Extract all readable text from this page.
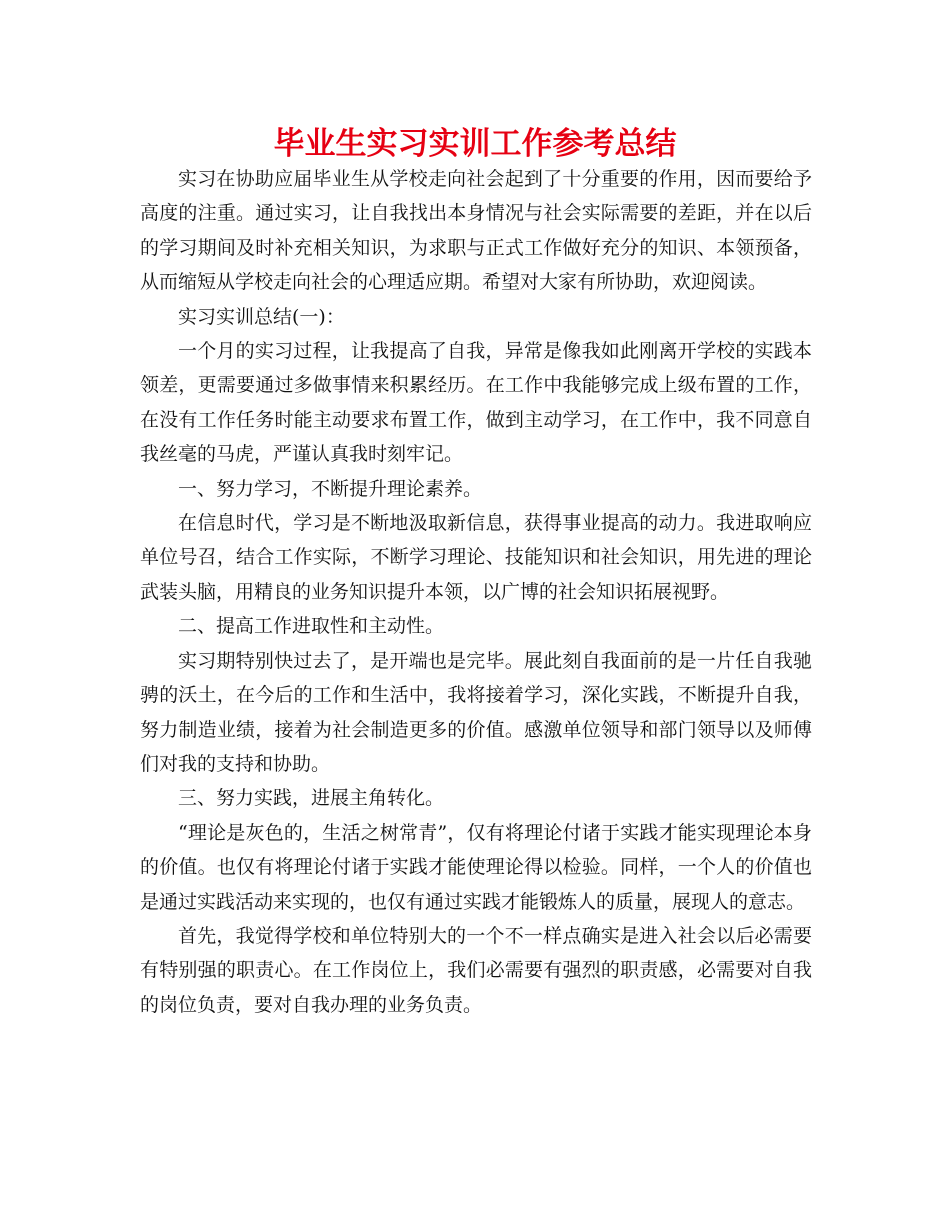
毕业生实习实训工作参考总结

实习在协助应届毕业生从学校走向社会起到了十分重要的作用，因而要给予高度的注重。通过实习，让自我找出本身情况与社会实际需要的差距，并在以后的学习期间及时补充相关知识，为求职与正式工作做好充分的知识、本领预备，从而缩短从学校走向社会的心理适应期。希望对大家有所协助，欢迎阅读。

实习实训总结(一)：

一个月的实习过程，让我提高了自我，异常是像我如此刚离开学校的实践本领差，更需要通过多做事情来积累经历。在工作中我能够完成上级布置的工作，在没有工作任务时能主动要求布置工作，做到主动学习，在工作中，我不同意自我丝毫的马虎，严谨认真我时刻牢记。

一、努力学习，不断提升理论素养。

在信息时代，学习是不断地汲取新信息，获得事业提高的动力。我进取响应单位号召，结合工作实际，不断学习理论、技能知识和社会知识，用先进的理论武装头脑，用精良的业务知识提升本领，以广博的社会知识拓展视野。

二、提高工作进取性和主动性。

实习期特别快过去了，是开端也是完毕。展此刻自我面前的是一片任自我驰骋的沃土，在今后的工作和生活中，我将接着学习，深化实践，不断提升自我，努力制造业绩，接着为社会制造更多的价值。感激单位领导和部门领导以及师傅们对我的支持和协助。

三、努力实践，进展主角转化。

“理论是灰色的，生活之树常青”，仅有将理论付诸于实践才能实现理论本身的价值。也仅有将理论付诸于实践才能使理论得以检验。同样，一个人的价值也是通过实践活动来实现的，也仅有通过实践才能锻炼人的质量，展现人的意志。

首先，我觉得学校和单位特别大的一个不一样点确实是进入社会以后必需要有特别强的职责心。在工作岗位上，我们必需要有强烈的职责感，必需要对自我的岗位负责，要对自我办理的业务负责。
